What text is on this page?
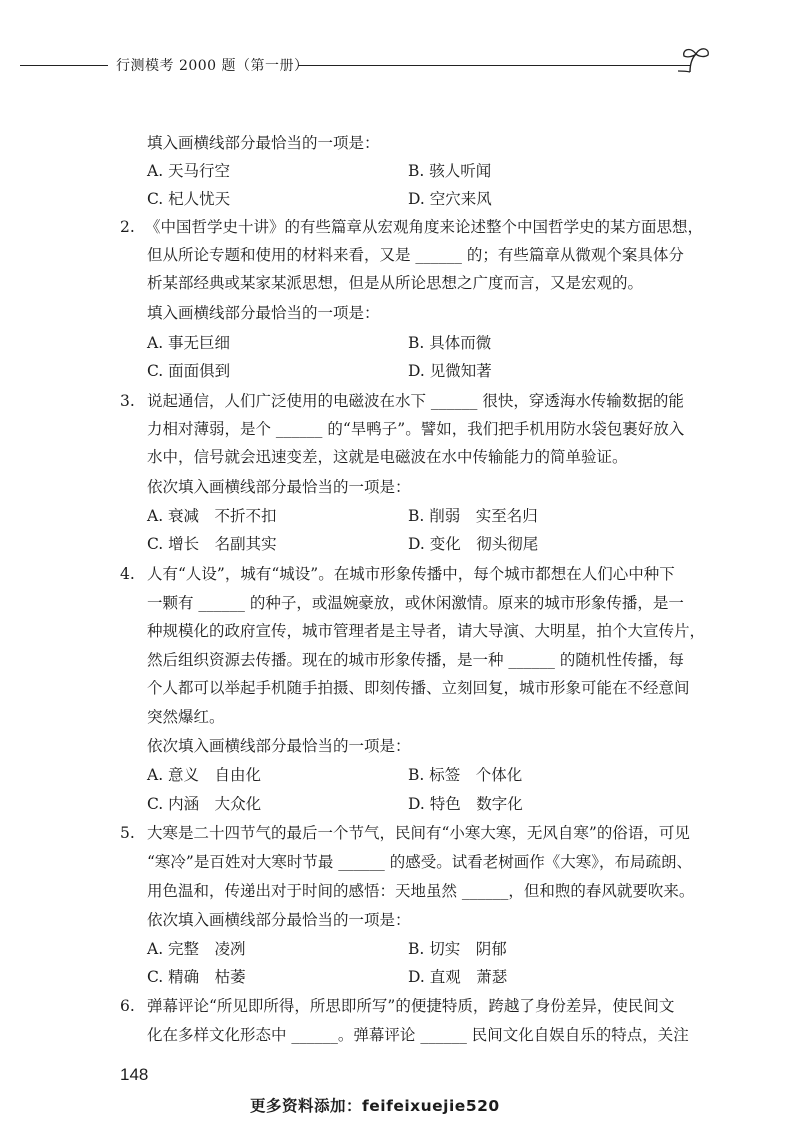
行测模考 2000 题（第一册）
填入画横线部分最恰当的一项是：
A. 天马行空	B. 骇人听闻
C. 杞人忧天	D. 空穴来风
2. 《中国哲学史十讲》的有些篇章从宏观角度来论述整个中国哲学史的某方面思想，
但从所论专题和使用的材料来看，又是 ______ 的；有些篇章从微观个案具体分
析某部经典或某家某派思想，但是从所论思想之广度而言，又是宏观的。
填入画横线部分最恰当的一项是：
A. 事无巨细	B. 具体而微
C. 面面俱到	D. 见微知著
3. 说起通信，人们广泛使用的电磁波在水下 ______ 很快，穿透海水传输数据的能
力相对薄弱，是个 ______ 的“旱鸭子”。譬如，我们把手机用防水袋包裹好放入
水中，信号就会迅速变差，这就是电磁波在水中传输能力的简单验证。
依次填入画横线部分最恰当的一项是：
A. 衰减　不折不扣	B. 削弱　实至名归
C. 增长　名副其实	D. 变化　彻头彻尾
4. 人有“人设”，城有“城设”。在城市形象传播中，每个城市都想在人们心中种下
一颗有 ______ 的种子，或温婉豪放，或休闲激情。原来的城市形象传播，是一
种规模化的政府宣传，城市管理者是主导者，请大导演、大明星，拍个大宣传片，
然后组织资源去传播。现在的城市形象传播，是一种 ______ 的随机性传播，每
个人都可以举起手机随手拍摄、即刻传播、立刻回复，城市形象可能在不经意间
突然爆红。
依次填入画横线部分最恰当的一项是：
A. 意义　自由化	B. 标签　个体化
C. 内涵　大众化	D. 特色　数字化
5. 大寒是二十四节气的最后一个节气，民间有“小寒大寒，无风自寒”的俗语，可见
“寒冷”是百姓对大寒时节最 ______ 的感受。试看老树画作《大寒》，布局疏朗、
用色温和，传递出对于时间的感悟：天地虽然 ______，但和煦的春风就要吹来。
依次填入画横线部分最恰当的一项是：
A. 完整　凌冽	B. 切实　阴郁
C. 精确　枯萎	D. 直观　萧瑟
6. 弹幕评论“所见即所得，所思即所写”的便捷特质，跨越了身份差异，使民间文
化在多样文化形态中 ______。弹幕评论 ______ 民间文化自娱自乐的特点，关注
148
更多资料添加：feifeixuejie520
